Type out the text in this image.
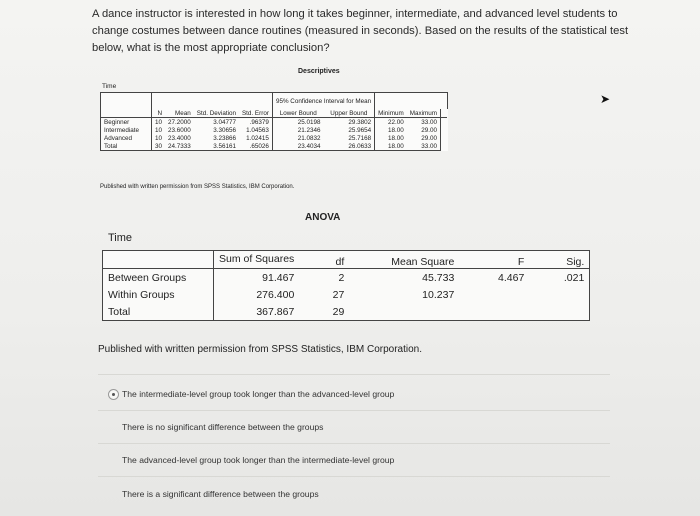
A dance instructor is interested in how long it takes beginner, intermediate, and advanced level students to change costumes between dance routines (measured in seconds). Based on the results of the statistical test below, what is the most appropriate conclusion?
Descriptives
Time
					95% Confidence Interval for Mean				
	N	Mean	Std. Deviation	Std. Error	Lower Bound	Upper Bound	Minimum	Maximum	
Beginner	10	27.2000	3.04777	.96379	25.0198	29.3802	22.00	33.00	
Intermediate	10	23.6000	3.30656	1.04563	21.2346	25.9654	18.00	29.00	
Advanced	10	23.4000	3.23866	1.02415	21.0832	25.7168	18.00	29.00	
Total	30	24.7333	3.56161	.65026	23.4034	26.0633	18.00	33.00	
Published with written permission from SPSS Statistics, IBM Corporation.
ANOVA
Time
	Sum of Squares	df	Mean Square	F	Sig.
Between Groups	91.467	2	45.733	4.467	.021
Within Groups	276.400	27	10.237		
Total	367.867	29			
Published with written permission from SPSS Statistics, IBM Corporation.
The intermediate-level group took longer than the advanced-level group
There is no significant difference between the groups
The advanced-level group took longer than the intermediate-level group
There is a significant difference between the groups
➤
